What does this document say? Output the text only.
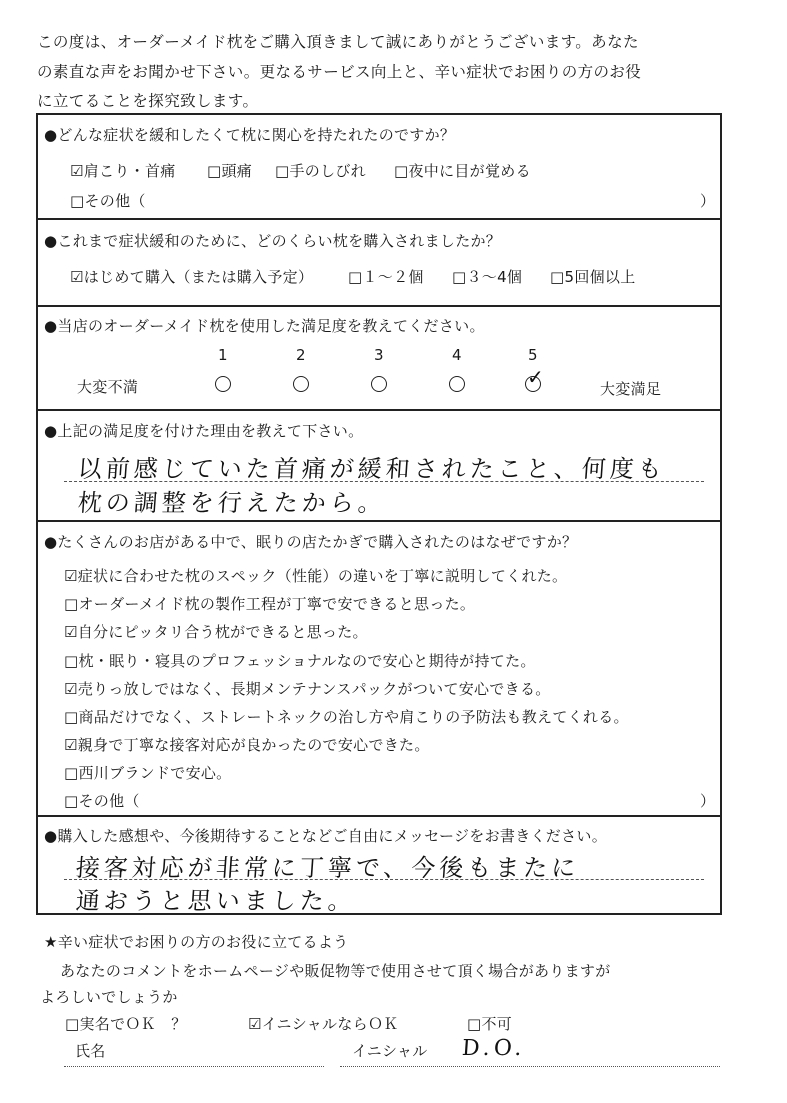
この度は、オーダーメイド枕をご購入頂きまして誠にありがとうございます。あなた
の素直な声をお聞かせ下さい。更なるサービス向上と、辛い症状でお困りの方のお役
に立てることを探究致します。
●どんな症状を緩和したくて枕に関心を持たれたのですか？
☑肩こり・首痛 □頭痛 □手のしびれ □夜中に目が覚める
□その他（	）
●これまで症状緩和のために、どのくらい枕を購入されましたか？
☑はじめて購入（または購入予定） □１～２個 □３～4個 □5回個以上
●当店のオーダーメイド枕を使用した満足度を教えてください。
1	2	3	4	5
大変不満	大変満足
✓
●上記の満足度を付けた理由を教えて下さい。
以前感じていた首痛が緩和されたこと、何度も
枕の調整を行えたから。
●たくさんのお店がある中で、眠りの店たかぎで購入されたのはなぜですか？
☑症状に合わせた枕のスペック（性能）の違いを丁寧に説明してくれた。
□オーダーメイド枕の製作工程が丁寧で安できると思った。
☑自分にピッタリ合う枕ができると思った。
□枕・眠り・寝具のプロフェッショナルなので安心と期待が持てた。
☑売りっ放しではなく、長期メンテナンスパックがついて安心できる。
□商品だけでなく、ストレートネックの治し方や肩こりの予防法も教えてくれる。
☑親身で丁寧な接客対応が良かったので安心できた。
□西川ブランドで安心。
□その他（	）
●購入した感想や、今後期待することなどご自由にメッセージをお書きください。
接客対応が非常に丁寧で、今後もまたに
通おうと思いました。
★辛い症状でお困りの方のお役に立てるよう
あなたのコメントをホームページや販促物等で使用させて頂く場合がありますが
よろしいでしょうか
□実名でＯＫ　？	☑イニシャルならＯＫ	□不可
氏名	イニシャル D.O.
